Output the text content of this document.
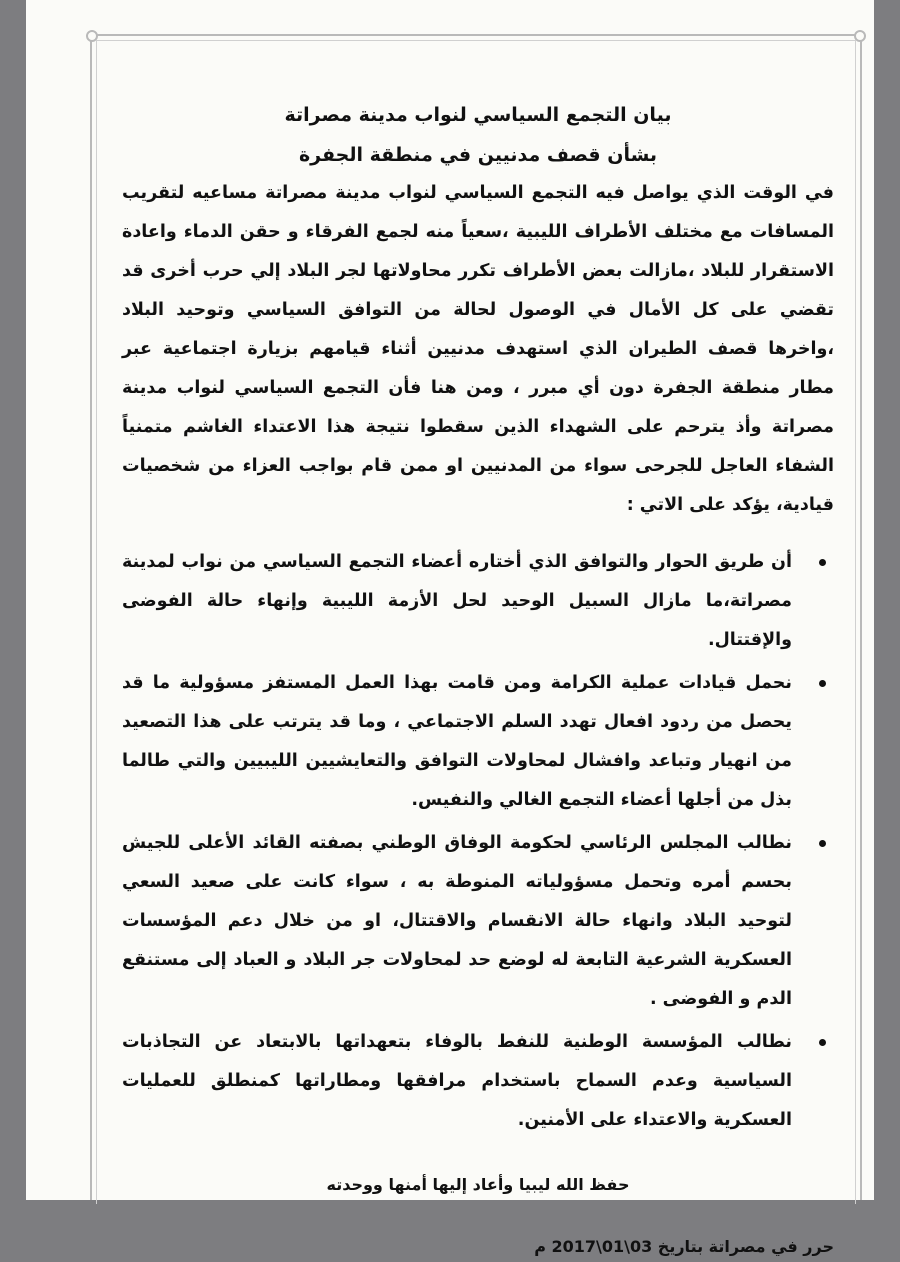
بيان التجمع السياسي لنواب مدينة مصراتة

بشأن قصف مدنيين في منطقة الجفرة

في الوقت الذي يواصل فيه التجمع السياسي لنواب مدينة مصراتة مساعيه لتقريب المسافات مع مختلف الأطراف الليبية ،سعياً منه لجمع الفرقاء و حقن الدماء واعادة الاستقرار للبلاد ،مازالت بعض الأطراف تكرر محاولاتها لجر البلاد إلي حرب أخرى قد تقضي على كل الأمال في الوصول لحالة من التوافق السياسي وتوحيد البلاد ،واخرها قصف الطيران الذي استهدف مدنيين أثناء قيامهم بزيارة اجتماعية عبر مطار منطقة الجفرة دون أي مبرر ، ومن هنا فأن التجمع السياسي لنواب مدينة مصراتة وأذ يترحم على الشهداء الذين سقطوا نتيجة هذا الاعتداء الغاشم متمنياً الشفاء العاجل للجرحى سواء من المدنيين او ممن قام بواجب العزاء من شخصيات قيادية، يؤكد على الاتي :

أن طريق الحوار والتوافق الذي أختاره أعضاء التجمع السياسي من نواب لمدينة مصراتة،ما مازال السبيل الوحيد لحل الأزمة الليبية وإنهاء حالة الفوضى والإقتتال.
نحمل قيادات عملية الكرامة ومن قامت بهذا العمل المستفز مسؤولية ما قد يحصل من ردود افعال تهدد السلم الاجتماعي ، وما قد يترتب على هذا التصعيد من انهيار وتباعد وافشال لمحاولات التوافق والتعايشيين الليبيين والتي طالما بذل من أجلها أعضاء التجمع الغالي والنفيس.
نطالب المجلس الرئاسي لحكومة الوفاق الوطني بصفته القائد الأعلى للجيش بحسم أمره وتحمل مسؤولياته المنوطة به ، سواء كانت على صعيد السعي لتوحيد البلاد وانهاء حالة الانقسام والاقتتال، او من خلال دعم المؤسسات العسكرية الشرعية التابعة له لوضع حد لمحاولات جر البلاد و العباد إلى مستنقع الدم و الفوضى .
نطالب المؤسسة الوطنية للنفط بالوفاء بتعهداتها بالابتعاد عن التجاذبات السياسية وعدم السماح باستخدام مرافقها ومطاراتها كمنطلق للعمليات العسكرية والاعتداء على الأمنين.

حفظ الله ليبيا وأعاد إليها أمنها ووحدته

حرر في مصراتة بتاريخ 03\01\2017 م
